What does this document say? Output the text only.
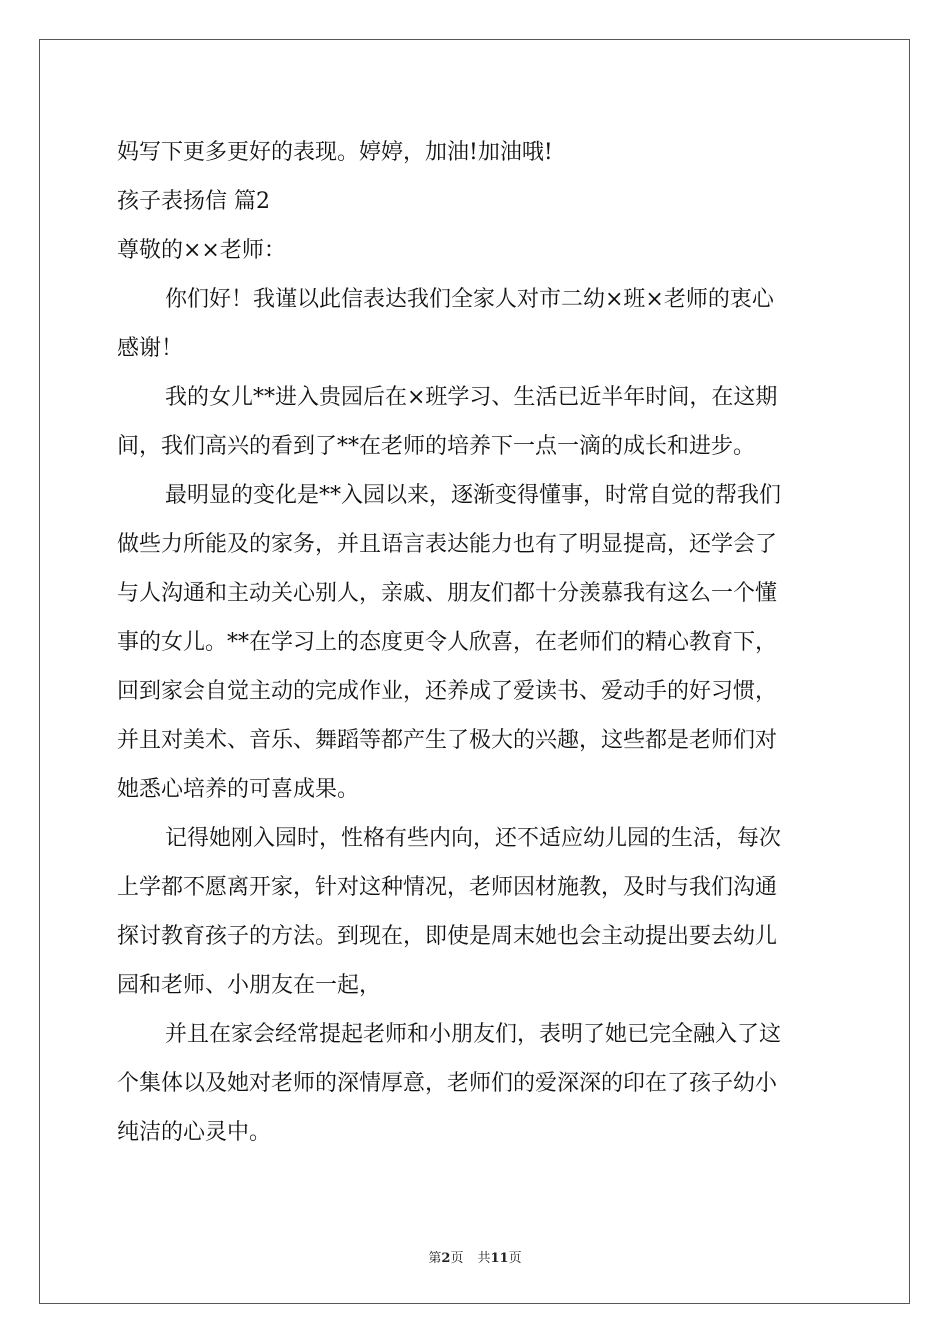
妈写下更多更好的表现。婷婷，加油!加油哦!
孩子表扬信 篇2
尊敬的××老师：
你们好！我谨以此信表达我们全家人对市二幼×班×老师的衷心
感谢！
我的女儿**进入贵园后在×班学习、生活已近半年时间，在这期
间，我们高兴的看到了**在老师的培养下一点一滴的成长和进步。
最明显的变化是**入园以来，逐渐变得懂事，时常自觉的帮我们
做些力所能及的家务，并且语言表达能力也有了明显提高，还学会了
与人沟通和主动关心别人，亲戚、朋友们都十分羡慕我有这么一个懂
事的女儿。**在学习上的态度更令人欣喜，在老师们的精心教育下，
回到家会自觉主动的完成作业，还养成了爱读书、爱动手的好习惯，
并且对美术、音乐、舞蹈等都产生了极大的兴趣，这些都是老师们对
她悉心培养的可喜成果。
记得她刚入园时，性格有些内向，还不适应幼儿园的生活，每次
上学都不愿离开家，针对这种情况，老师因材施教，及时与我们沟通
探讨教育孩子的方法。到现在，即使是周末她也会主动提出要去幼儿
园和老师、小朋友在一起，
并且在家会经常提起老师和小朋友们，表明了她已完全融入了这
个集体以及她对老师的深情厚意，老师们的爱深深的印在了孩子幼小
纯洁的心灵中。
第2页 共11页
